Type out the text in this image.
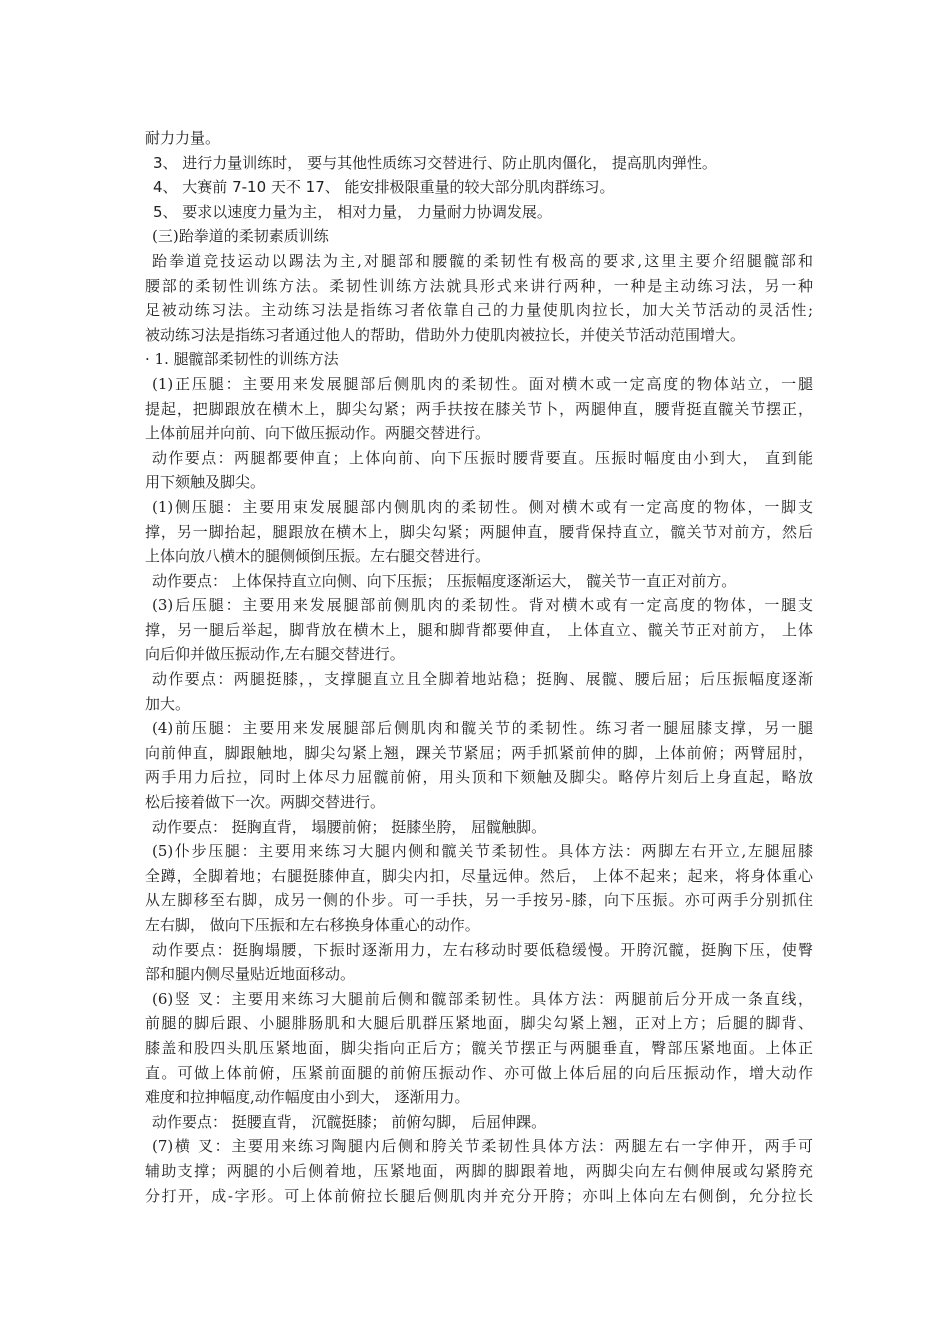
耐力力量。
3、 进行力量训练时， 要与其他性质练习交替进行、防止肌肉僵化， 提高肌肉弹性。
4、 大赛前 7-10 天不 17、 能安排极限重量的较大部分肌肉群练习。
5、 要求以速度力量为主， 相对力量， 力量耐力协调发展。
(三)跆拳道的柔韧素质训练
跆拳道竞技运动以踢法为主,对腿部和腰髋的柔韧性有极高的要求,这里主要介绍腿髋部和
腰部的柔韧性训练方法。柔韧性训练方法就具形式来讲行两种，一种是主动练习法，另一种
足被动练习法。主动练习法是指练习者依靠自己的力量使肌肉拉长，加大关节活动的灵活性;
被动练习法是指练习者通过他人的帮助，借助外力使肌肉被拉长，并使关节活动范围增大。
· 1. 腿髋部柔韧性的训练方法
(1)正压腿：主要用来发展腿部后侧肌肉的柔韧性。面对横木或一定高度的物体站立，一腿
提起，把脚跟放在横木上，脚尖勾紧；两手扶按在膝关节卜，两腿伸直，腰背挺直髋关节摆正，
上体前屈并向前、向下做压振动作。两腿交替进行。
动作要点：两腿都要伸直；上体向前、向下压振时腰背要直。压振时幅度由小到大， 直到能
用下颏触及脚尖。
(1)侧压腿：主要用束发展腿部内侧肌肉的柔韧性。侧对横木或有一定高度的物体，一脚支
撑，另一脚抬起，腿跟放在横木上，脚尖勾紧；两腿伸直，腰背保持直立，髋关节对前方，然后
上体向放八横木的腿侧倾倒压振。左右腿交替进行。
动作要点： 上体保持直立向侧、向下压振； 压振幅度逐渐运大， 髋关节一直正对前方。
(3)后压腿：主要用来发展腿部前侧肌肉的柔韧性。背对横木或有一定高度的物体，一腿支
撑，另一腿后举起，脚背放在横木上，腿和脚背都要伸直， 上体直立、髋关节正对前方， 上体
向后仰并做压振动作,左右腿交替进行。
动作要点：两腿挺膝，，支撑腿直立且全脚着地站稳；挺胸、展髋、腰后屈；后压振幅度逐渐
加大。
(4)前压腿：主要用来发展腿部后侧肌肉和髋关节的柔韧性。练习者一腿屈膝支撑，另一腿
向前伸直，脚跟触地，脚尖勾紧上翘，踝关节紧屈；两手抓紧前伸的脚，上体前俯；两臂屈肘，
两手用力后拉，同时上体尽力屈髋前俯，用头顶和下颏触及脚尖。略停片刻后上身直起，略放
松后接着做下一次。两脚交替进行。
动作要点： 挺胸直背， 塌腰前俯； 挺膝坐胯， 屈髋触脚。
(5)仆步压腿：主要用来练习大腿内侧和髋关节柔韧性。具体方法：两脚左右开立,左腿屈膝
全蹲，全脚着地；右腿挺膝伸直，脚尖内扣，尽量远伸。然后， 上体不起来；起来，将身体重心
从左脚移至右脚，成另一侧的仆步。可一手扶，另一手按另-膝，向下压振。亦可两手分别抓住
左右脚， 做向下压振和左右移换身体重心的动作。
动作要点：挺胸塌腰，下振时逐渐用力，左右移动时要低稳缓慢。开胯沉髋，挺胸下压，使臀
部和腿内侧尽量贴近地面移动。
(6)竖 叉：主要用来练习大腿前后侧和髋部柔韧性。具体方法：两腿前后分开成一条直线，
前腿的脚后跟、小腿腓肠肌和大腿后肌群压紧地面，脚尖勾紧上翘，正对上方；后腿的脚背、
膝盖和股四头肌压紧地面，脚尖指向正后方；髋关节摆正与两腿垂直，臀部压紧地面。上体正
直。可做上体前俯，压紧前面腿的前俯压振动作、亦可做上体后屈的向后压振动作，增大动作
难度和拉抻幅度,动作幅度由小到大， 逐渐用力。
动作要点： 挺腰直背， 沉髋挺膝； 前俯勾脚， 后屈伸踝。
(7)横 叉：主要用来练习陶腿内后侧和胯关节柔韧性具体方法：两腿左右一字伸开，两手可
辅助支撑；两腿的小后侧着地，压紧地面，两脚的脚跟着地，两脚尖向左右侧伸展或勾紧胯充
分打开，成-字形。可上体前俯拉长腿后侧肌肉并充分开胯；亦叫上体向左右侧倒，允分拉长
